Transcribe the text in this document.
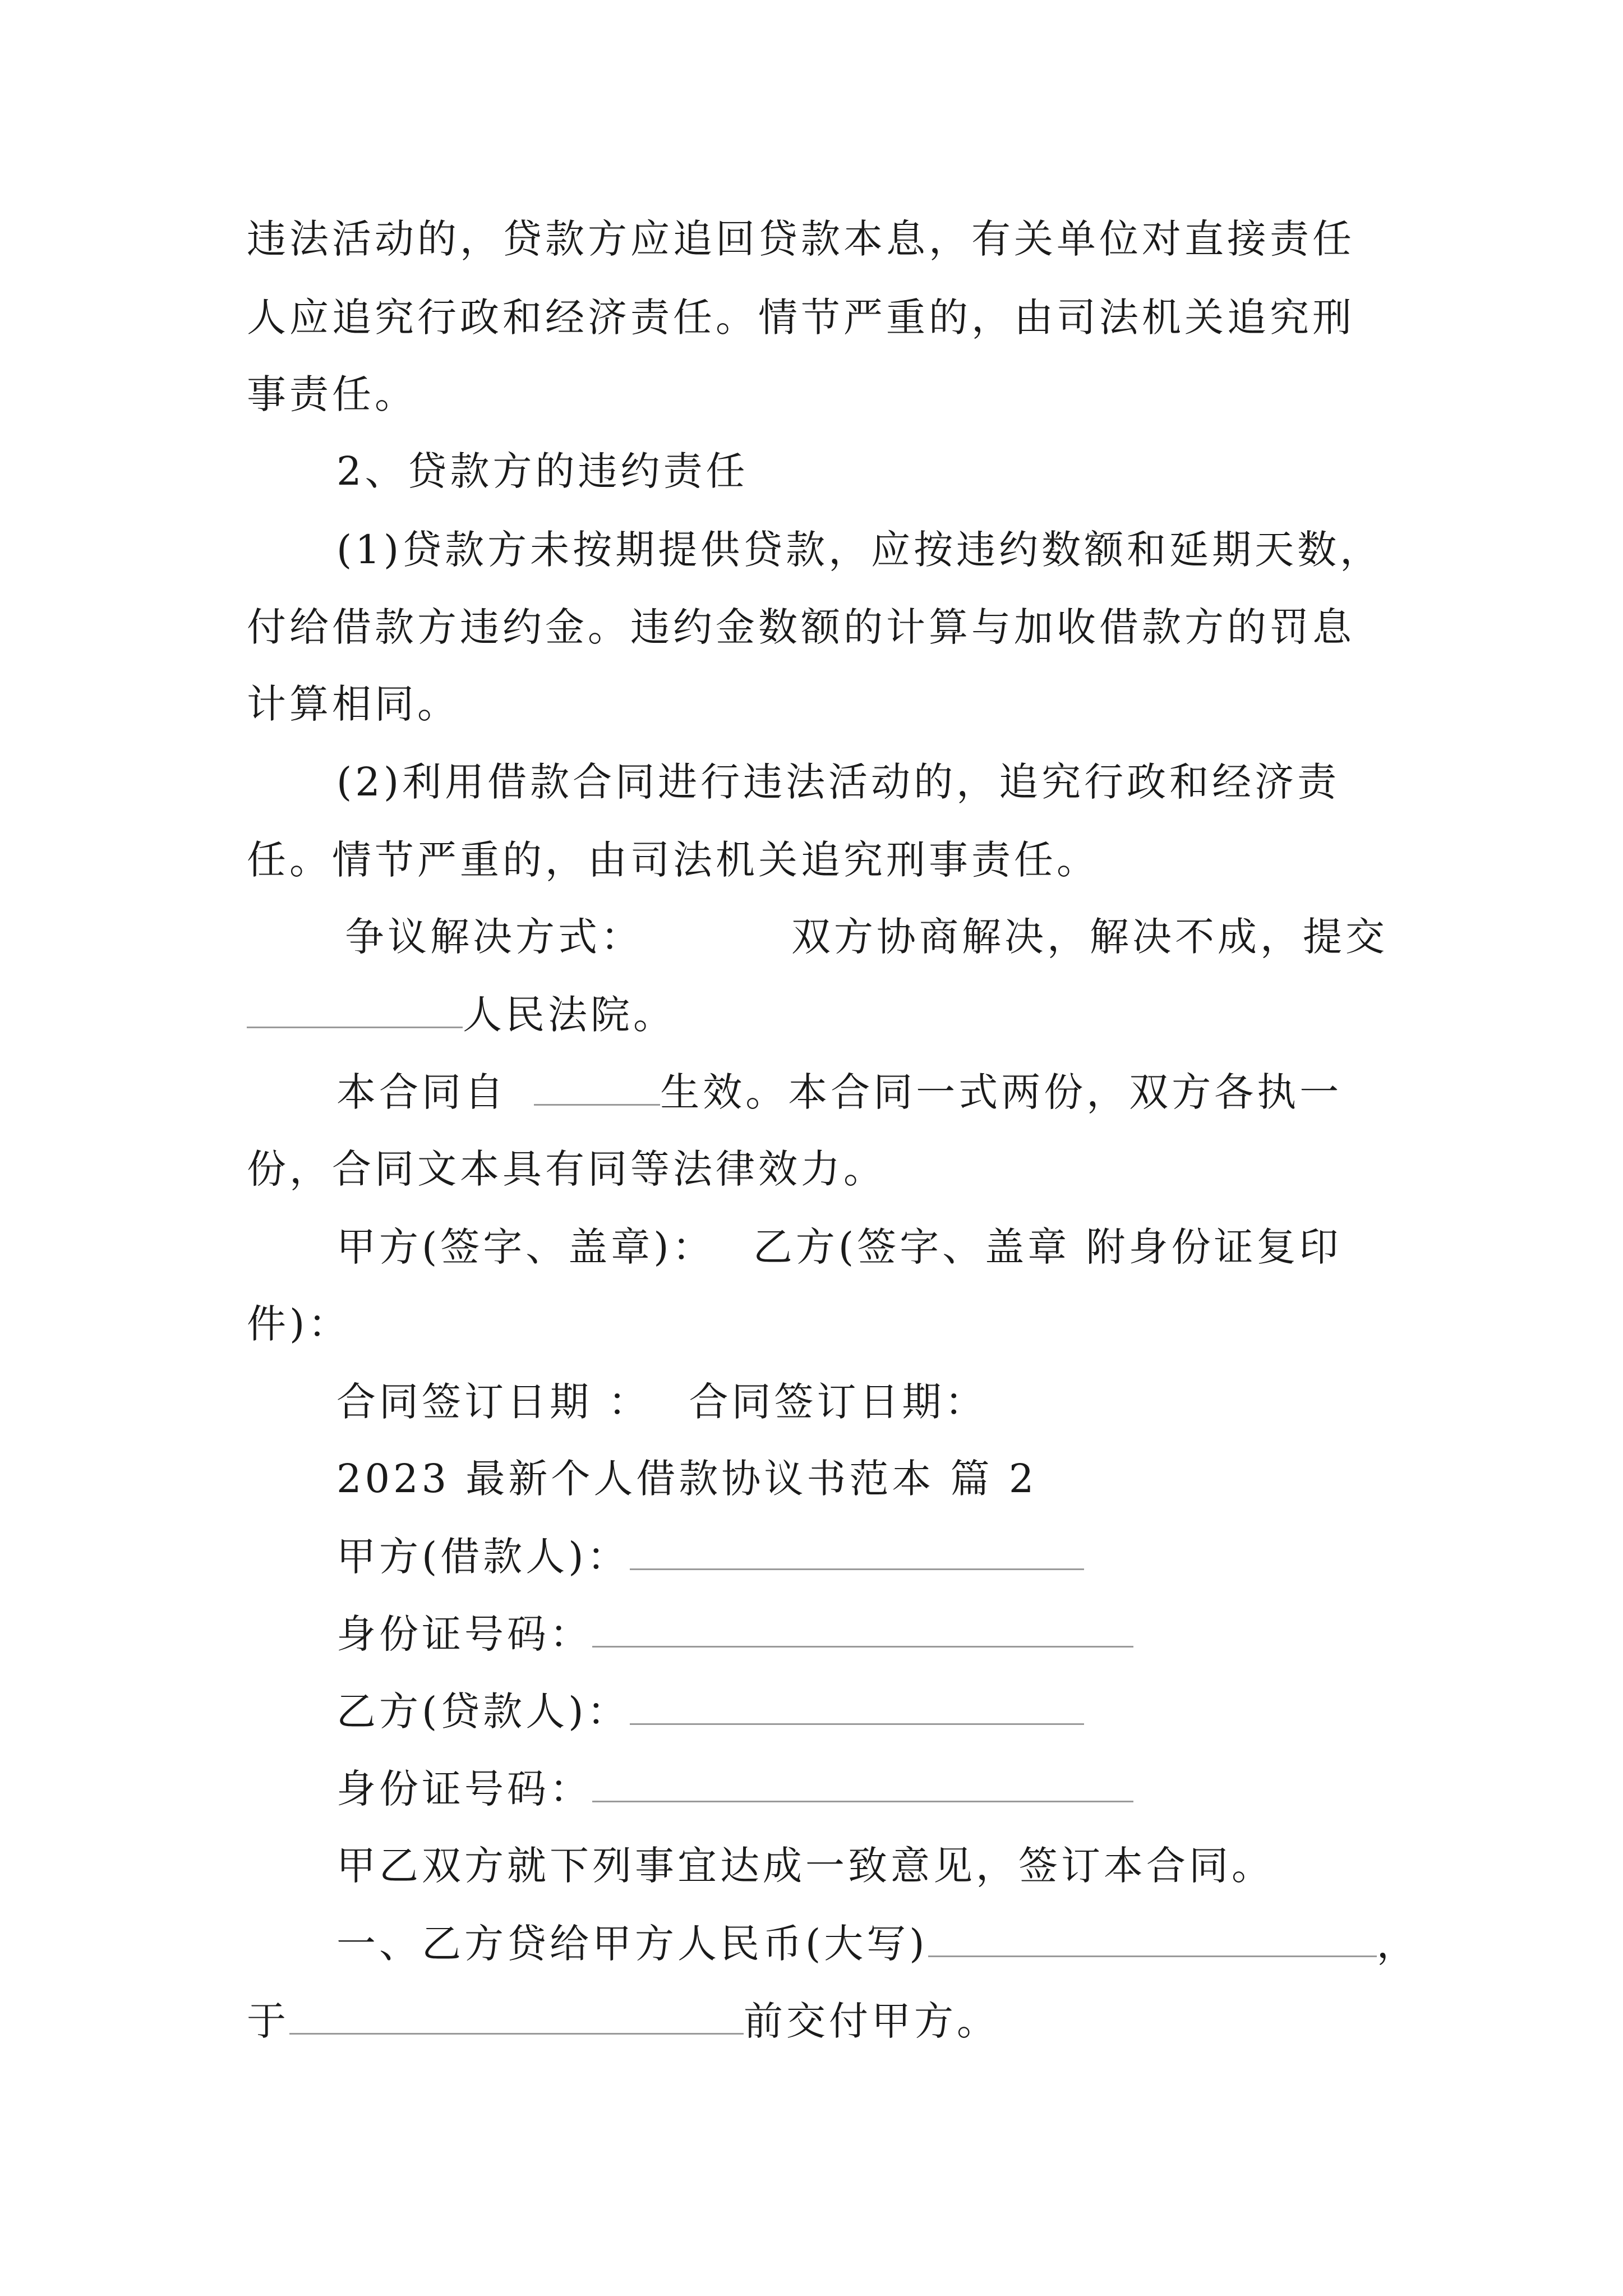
违法活动的，贷款方应追回贷款本息，有关单位对直接责任
人应追究行政和经济责任。情节严重的，由司法机关追究刑
事责任。
2、贷款方的违约责任
(1)贷款方未按期提供贷款，应按违约数额和延期天数，
付给借款方违约金。违约金数额的计算与加收借款方的罚息
计算相同。
(2)利用借款合同进行违法活动的，追究行政和经济责
任。情节严重的，由司法机关追究刑事责任。
争议解决方式：	双方协商解决，解决不成，提交
人民法院。
本合同自	生效。本合同一式两份，双方各执一
份，合同文本具有同等法律效力。
甲方(签字、盖章)： 乙方(签字、盖章 附身份证复印
件)：
合同签订日期 ： 合同签订日期：
2023 最新个人借款协议书范本 篇 2
甲方(借款人)：
身份证号码：
乙方(贷款人)：
身份证号码：
甲乙双方就下列事宜达成一致意见，签订本合同。
一、乙方贷给甲方人民币(大写)	，
于	前交付甲方。
